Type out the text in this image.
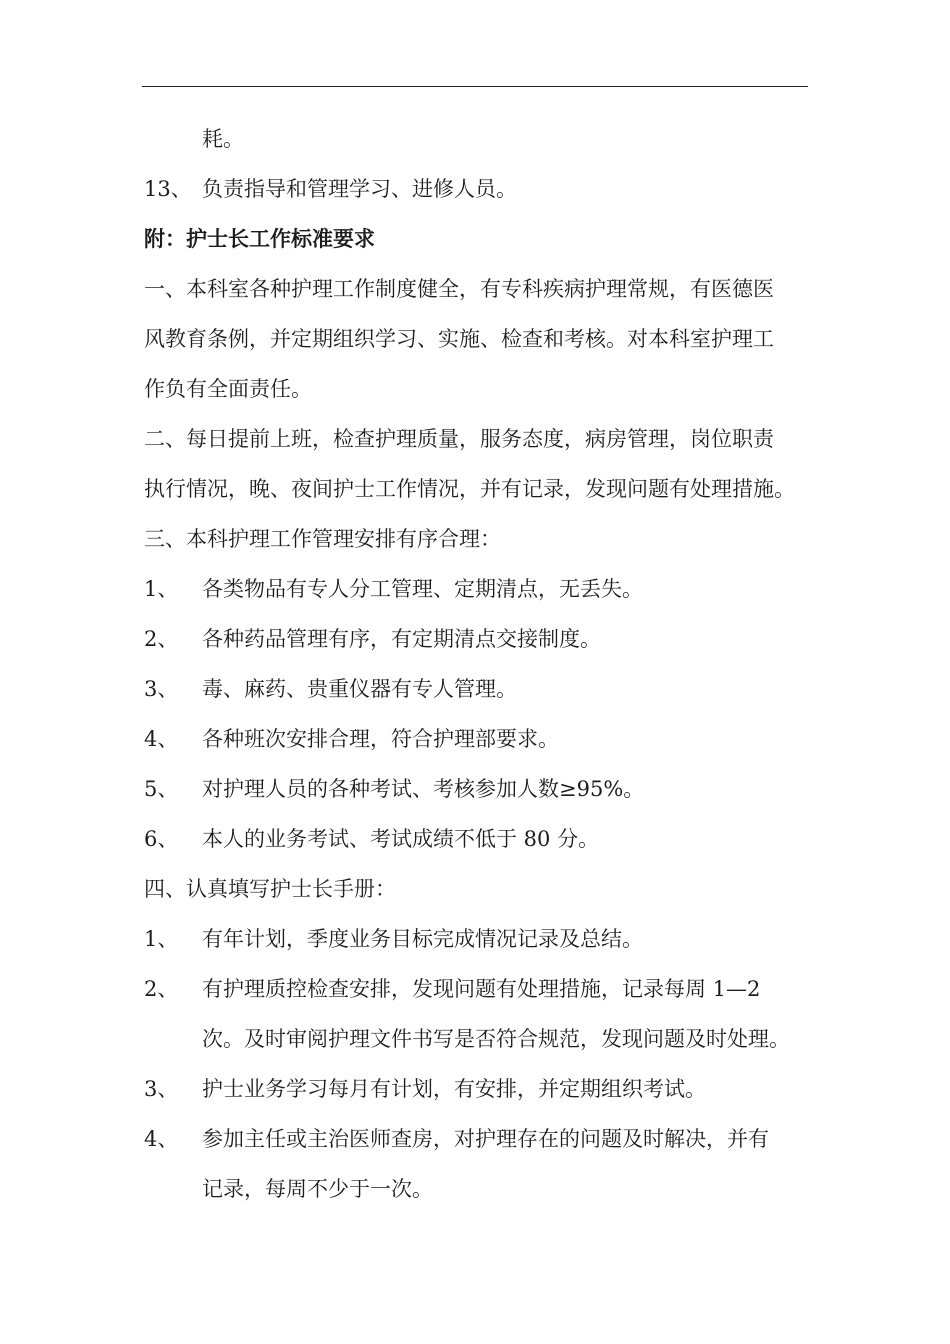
耗。
13、 负责指导和管理学习、进修人员。
附：护士长工作标准要求
一、本科室各种护理工作制度健全，有专科疾病护理常规，有医德医
风教育条例，并定期组织学习、实施、检查和考核。对本科室护理工
作负有全面责任。
二、每日提前上班，检查护理质量，服务态度，病房管理，岗位职责
执行情况，晚、夜间护士工作情况，并有记录，发现问题有处理措施。
三、本科护理工作管理安排有序合理：
1、 各类物品有专人分工管理、定期清点，无丢失。
2、 各种药品管理有序，有定期清点交接制度。
3、 毒、麻药、贵重仪器有专人管理。
4、 各种班次安排合理，符合护理部要求。
5、 对护理人员的各种考试、考核参加人数≥95%。
6、 本人的业务考试、考试成绩不低于 80 分。
四、认真填写护士长手册：
1、 有年计划，季度业务目标完成情况记录及总结。
2、 有护理质控检查安排，发现问题有处理措施，记录每周 1—2
次。及时审阅护理文件书写是否符合规范，发现问题及时处理。
3、 护士业务学习每月有计划，有安排，并定期组织考试。
4、 参加主任或主治医师查房，对护理存在的问题及时解决，并有
记录，每周不少于一次。
